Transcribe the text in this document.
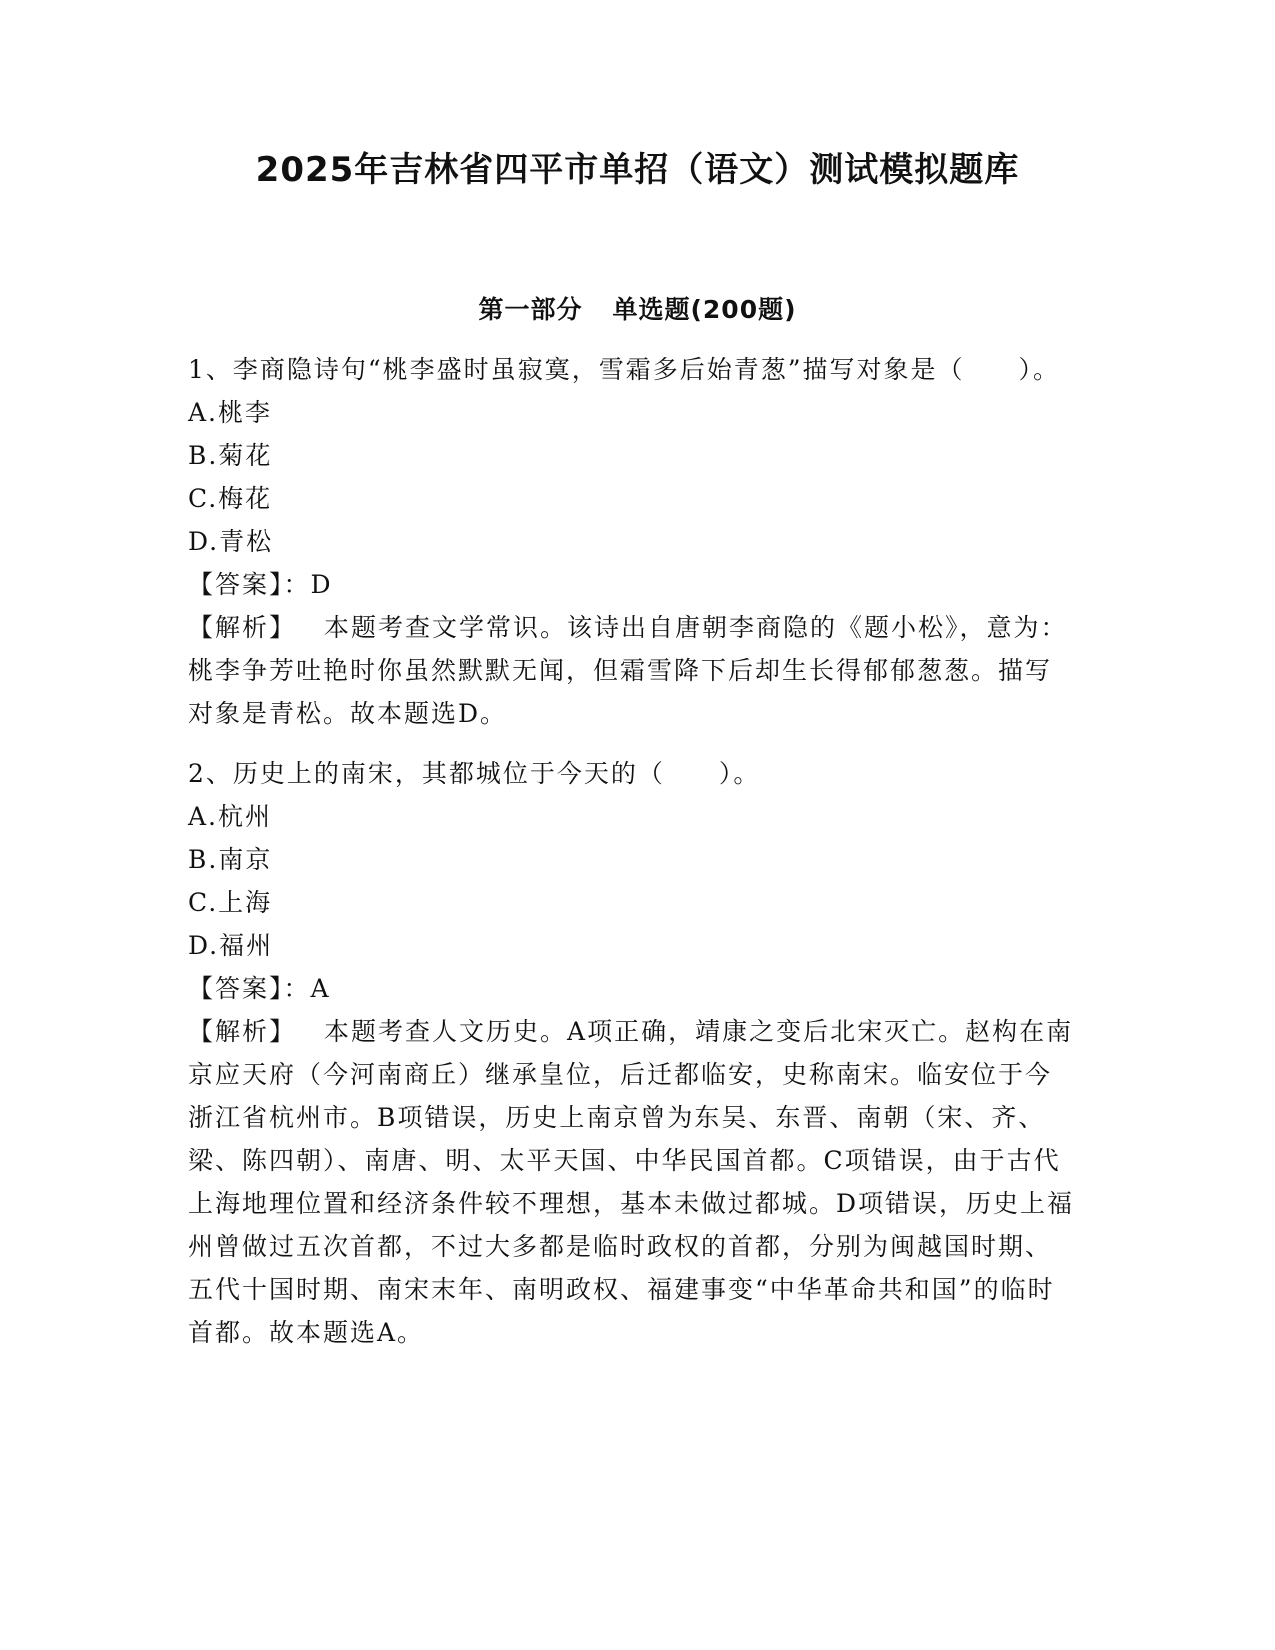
2025年吉林省四平市单招（语文）测试模拟题库
第一部分 单选题(200题)
1、李商隐诗句“桃李盛时虽寂寞，雪霜多后始青葱”描写对象是（　　）。
A.桃李
B.菊花
C.梅花
D.青松
【答案】：D
【解析】 本题考查文学常识。该诗出自唐朝李商隐的《题小松》，意为：桃李争芳吐艳时你虽然默默无闻，但霜雪降下后却生长得郁郁葱葱。描写对象是青松。故本题选D。
2、历史上的南宋，其都城位于今天的（　　）。
A.杭州
B.南京
C.上海
D.福州
【答案】：A
【解析】 本题考查人文历史。A项正确，靖康之变后北宋灭亡。赵构在南京应天府（今河南商丘）继承皇位，后迁都临安，史称南宋。临安位于今浙江省杭州市。B项错误，历史上南京曾为东吴、东晋、南朝（宋、齐、梁、陈四朝）、南唐、明、太平天国、中华民国首都。C项错误，由于古代上海地理位置和经济条件较不理想，基本未做过都城。D项错误，历史上福州曾做过五次首都，不过大多都是临时政权的首都，分别为闽越国时期、五代十国时期、南宋末年、南明政权、福建事变“中华革命共和国”的临时首都。故本题选A。
